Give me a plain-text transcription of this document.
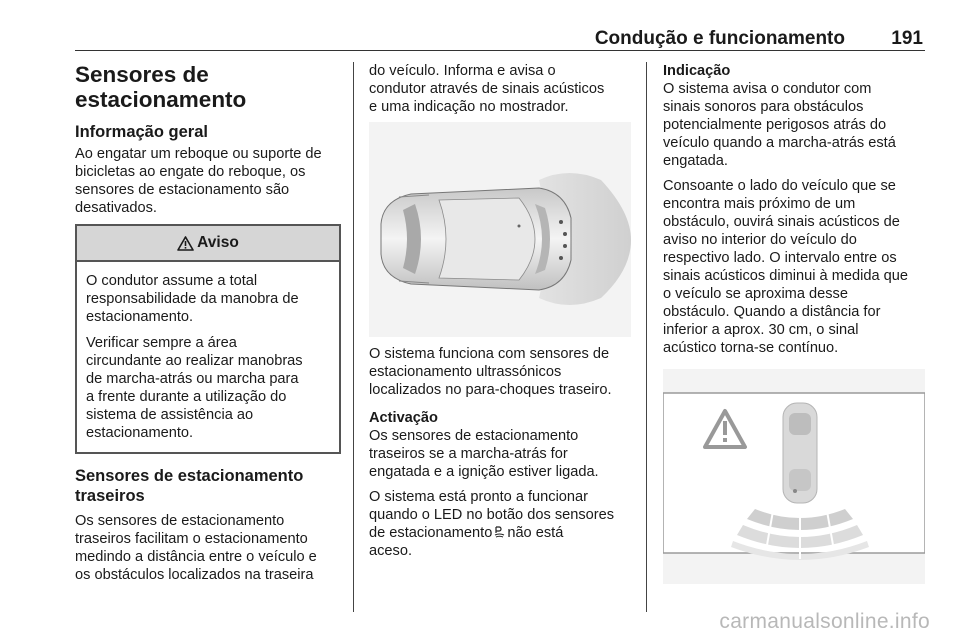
Condução e funcionamento 191
Sensores de
estacionamento
Informação geral

Ao engatar um reboque ou suporte de
bicicletas ao engate do reboque, os
sensores de estacionamento são
desativados.

Aviso

O condutor assume a total
responsabilidade da manobra de
estacionamento.

Verificar sempre a área
circundante ao realizar manobras
de marcha-atrás ou marcha para
a frente durante a utilização do
sistema de assistência ao
estacionamento.

Sensores de estacionamento
traseiros

Os sensores de estacionamento
traseiros facilitam o estacionamento
medindo a distância entre o veículo e
os obstáculos localizados na traseira

do veículo. Informa e avisa o
condutor através de sinais acústicos
e uma indicação no mostrador.

O sistema funciona com sensores de
estacionamento ultrassónicos
localizados no para-choques traseiro.

Activação

Os sensores de estacionamento
traseiros se a marcha-atrás for
engatada e a ignição estiver ligada.

O sistema está pronto a funcionar
quando o LED no botão dos sensores
de estacionamento não está
aceso.

Indicação

O sistema avisa o condutor com
sinais sonoros para obstáculos
potencialmente perigosos atrás do
veículo quando a marcha-atrás está
engatada.

Consoante o lado do veículo que se
encontra mais próximo de um
obstáculo, ouvirá sinais acústicos de
aviso no interior do veículo do
respectivo lado. O intervalo entre os
sinais acústicos diminui à medida que
o veículo se aproxima desse
obstáculo. Quando a distância for
inferior a aprox. 30 cm, o sinal
acústico torna-se contínuo.

carmanualsonline.info
